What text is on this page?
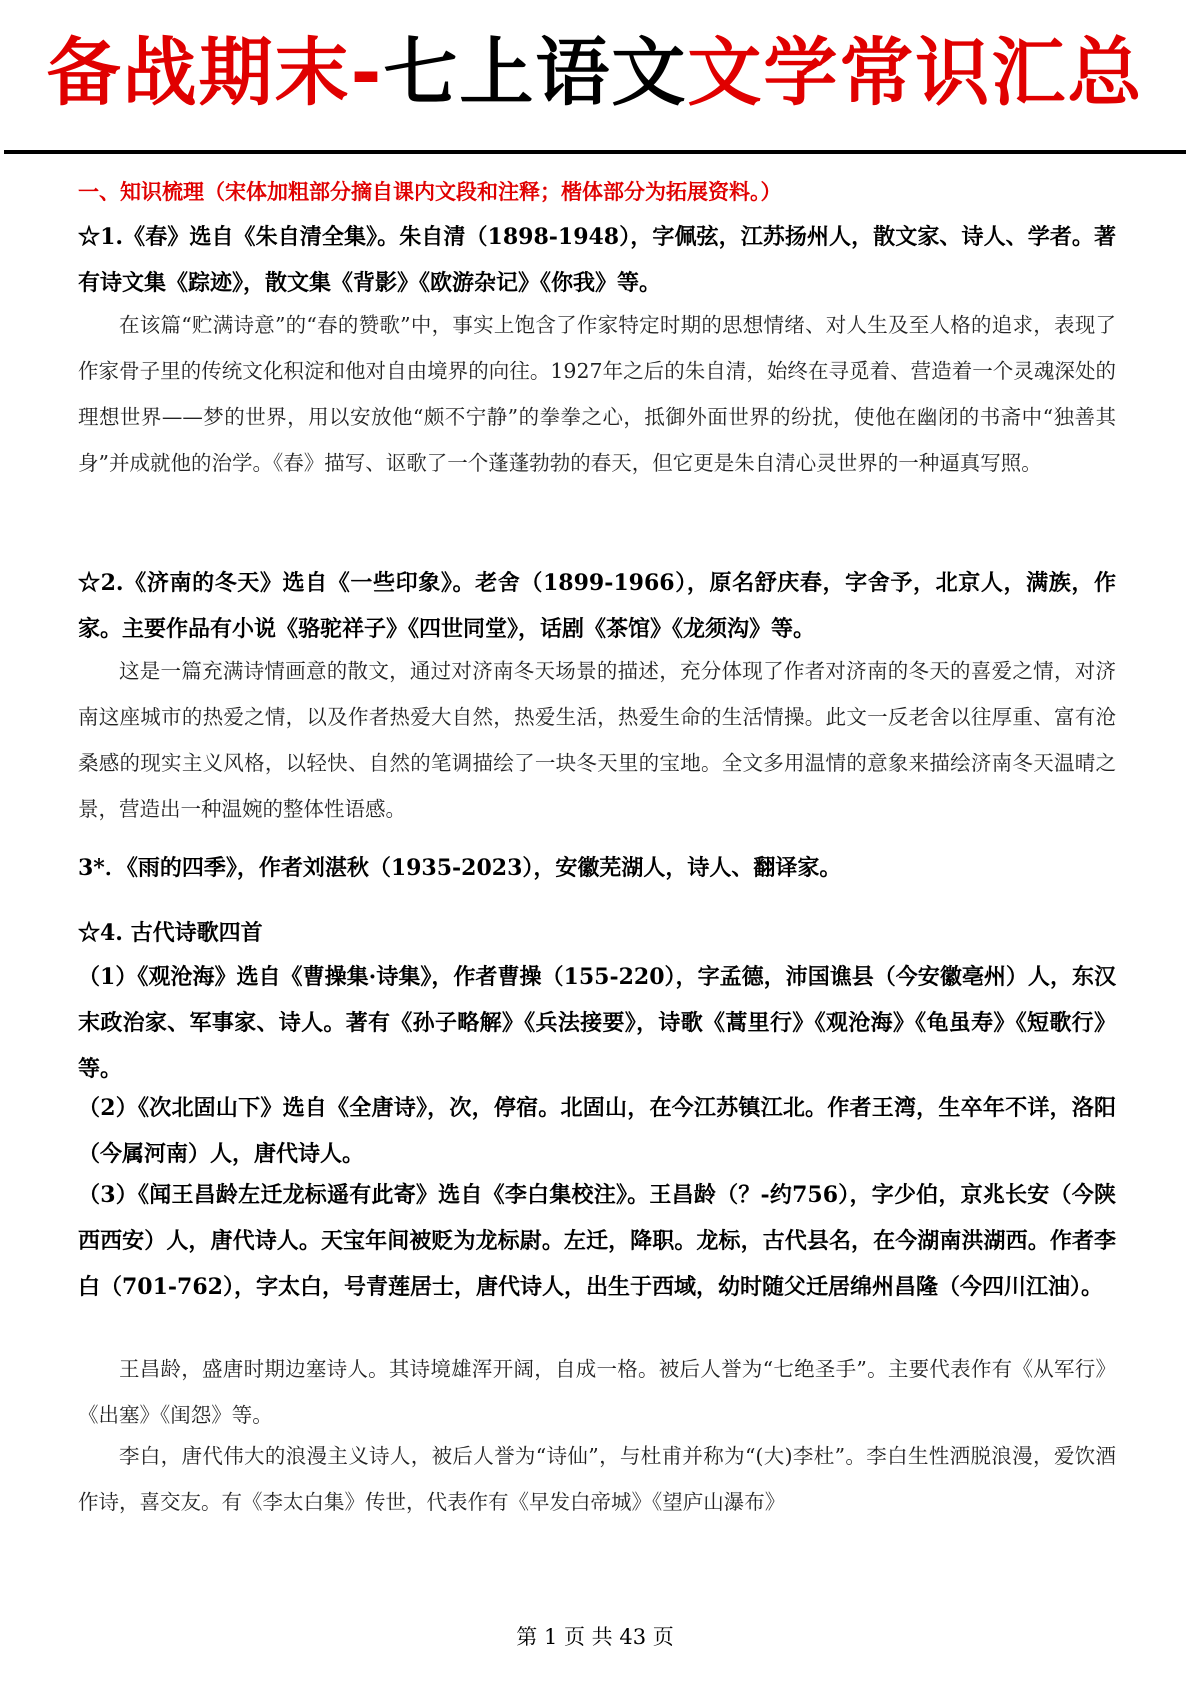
备战期末-七上语文文学常识汇总
一、知识梳理（宋体加粗部分摘自课内文段和注释；楷体部分为拓展资料。）
☆1.《春》选自《朱自清全集》。朱自清（1898-1948），字佩弦，江苏扬州人，散文家、诗人、学者。著有诗文集《踪迹》，散文集《背影》《欧游杂记》《你我》等。
在该篇“贮满诗意”的“春的赞歌”中，事实上饱含了作家特定时期的思想情绪、对人生及至人格的追求，表现了作家骨子里的传统文化积淀和他对自由境界的向往。1927年之后的朱自清，始终在寻觅着、营造着一个灵魂深处的理想世界——梦的世界，用以安放他“颇不宁静”的拳拳之心，抵御外面世界的纷扰，使他在幽闭的书斋中“独善其身”并成就他的治学。《春》描写、讴歌了一个蓬蓬勃勃的春天，但它更是朱自清心灵世界的一种逼真写照。
☆2.《济南的冬天》选自《一些印象》。老舍（1899-1966），原名舒庆春，字舍予，北京人，满族，作家。主要作品有小说《骆驼祥子》《四世同堂》，话剧《茶馆》《龙须沟》等。
这是一篇充满诗情画意的散文，通过对济南冬天场景的描述，充分体现了作者对济南的冬天的喜爱之情，对济南这座城市的热爱之情，以及作者热爱大自然，热爱生活，热爱生命的生活情操。此文一反老舍以往厚重、富有沧桑感的现实主义风格，以轻快、自然的笔调描绘了一块冬天里的宝地。全文多用温情的意象来描绘济南冬天温晴之景，营造出一种温婉的整体性语感。
3*．《雨的四季》，作者刘湛秋（1935-2023），安徽芜湖人，诗人、翻译家。
☆4. 古代诗歌四首
（1）《观沧海》选自《曹操集·诗集》，作者曹操（155-220），字孟德，沛国谯县（今安徽亳州）人，东汉末政治家、军事家、诗人。著有《孙子略解》《兵法接要》，诗歌《蒿里行》《观沧海》《龟虽寿》《短歌行》等。
（2）《次北固山下》选自《全唐诗》，次，停宿。北固山，在今江苏镇江北。作者王湾，生卒年不详，洛阳（今属河南）人，唐代诗人。
（3）《闻王昌龄左迁龙标遥有此寄》选自《李白集校注》。王昌龄（？-约756），字少伯，京兆长安（今陕西西安）人，唐代诗人。天宝年间被贬为龙标尉。左迁，降职。龙标，古代县名，在今湖南洪湖西。作者李白（701-762），字太白，号青莲居士，唐代诗人，出生于西域，幼时随父迁居绵州昌隆（今四川江油）。
王昌龄，盛唐时期边塞诗人。其诗境雄浑开阔，自成一格。被后人誉为“七绝圣手”。主要代表作有《从军行》《出塞》《闺怨》等。
李白，唐代伟大的浪漫主义诗人，被后人誉为“诗仙”，与杜甫并称为“(大)李杜”。李白生性洒脱浪漫，爱饮酒作诗，喜交友。有《李太白集》传世，代表作有《早发白帝城》《望庐山瀑布》
第 1 页 共 43 页
